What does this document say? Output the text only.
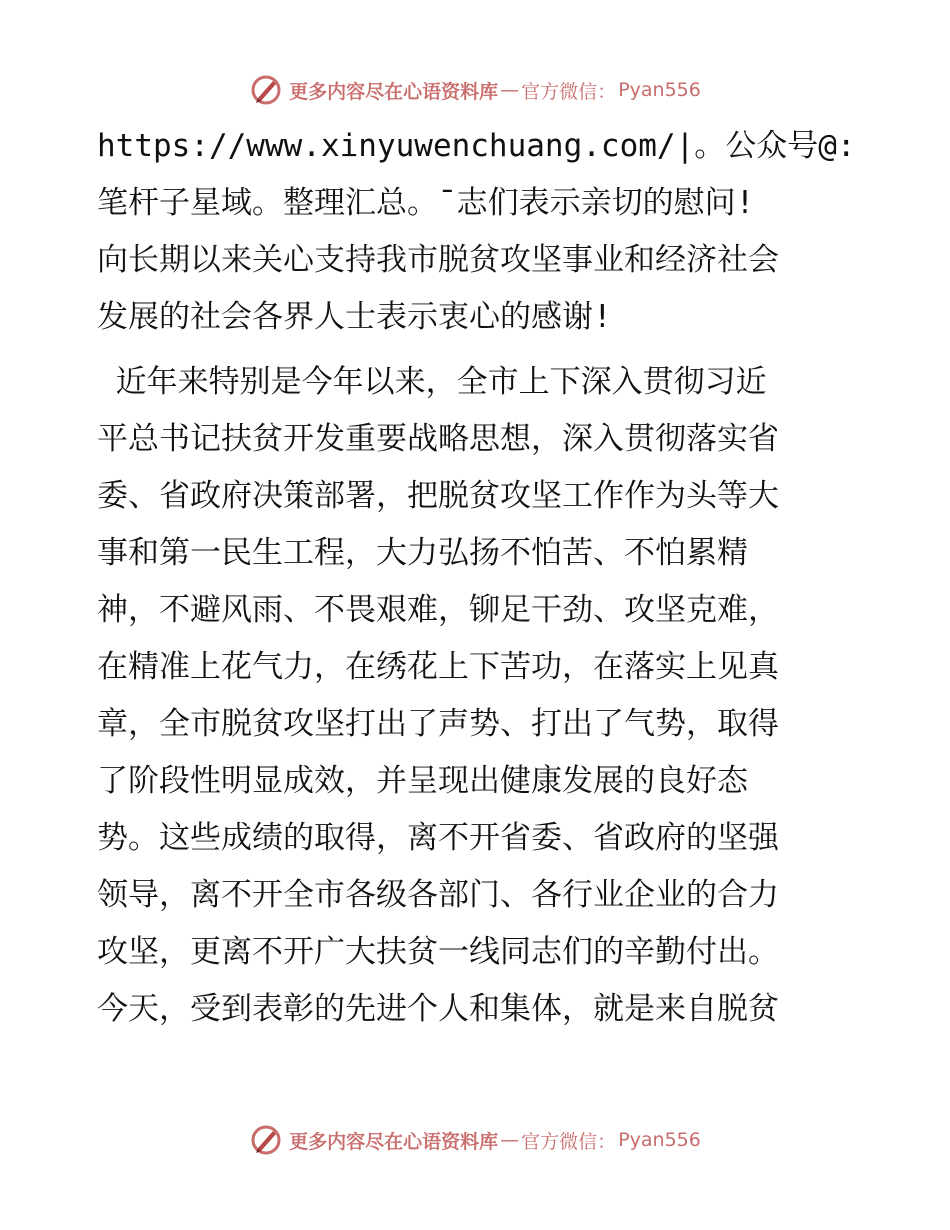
更多内容尽在心语资料库 — 官方微信： Pyan556
https://www.xinyuwenchuang.com/|。公众号@:
笔杆子星域。整理汇总。¯志们表示亲切的慰问!
向长期以来关心支持我市脱贫攻坚事业和经济社会
发展的社会各界人士表示衷心的感谢!
近年来特别是今年以来，全市上下深入贯彻习近
平总书记扶贫开发重要战略思想，深入贯彻落实省
委、省政府决策部署，把脱贫攻坚工作作为头等大
事和第一民生工程，大力弘扬不怕苦、不怕累精
神，不避风雨、不畏艰难，铆足干劲、攻坚克难，
在精准上花气力，在绣花上下苦功，在落实上见真
章，全市脱贫攻坚打出了声势、打出了气势，取得
了阶段性明显成效，并呈现出健康发展的良好态
势。这些成绩的取得，离不开省委、省政府的坚强
领导，离不开全市各级各部门、各行业企业的合力
攻坚，更离不开广大扶贫一线同志们的辛勤付出。
今天，受到表彰的先进个人和集体，就是来自脱贫
更多内容尽在心语资料库 — 官方微信： Pyan556
